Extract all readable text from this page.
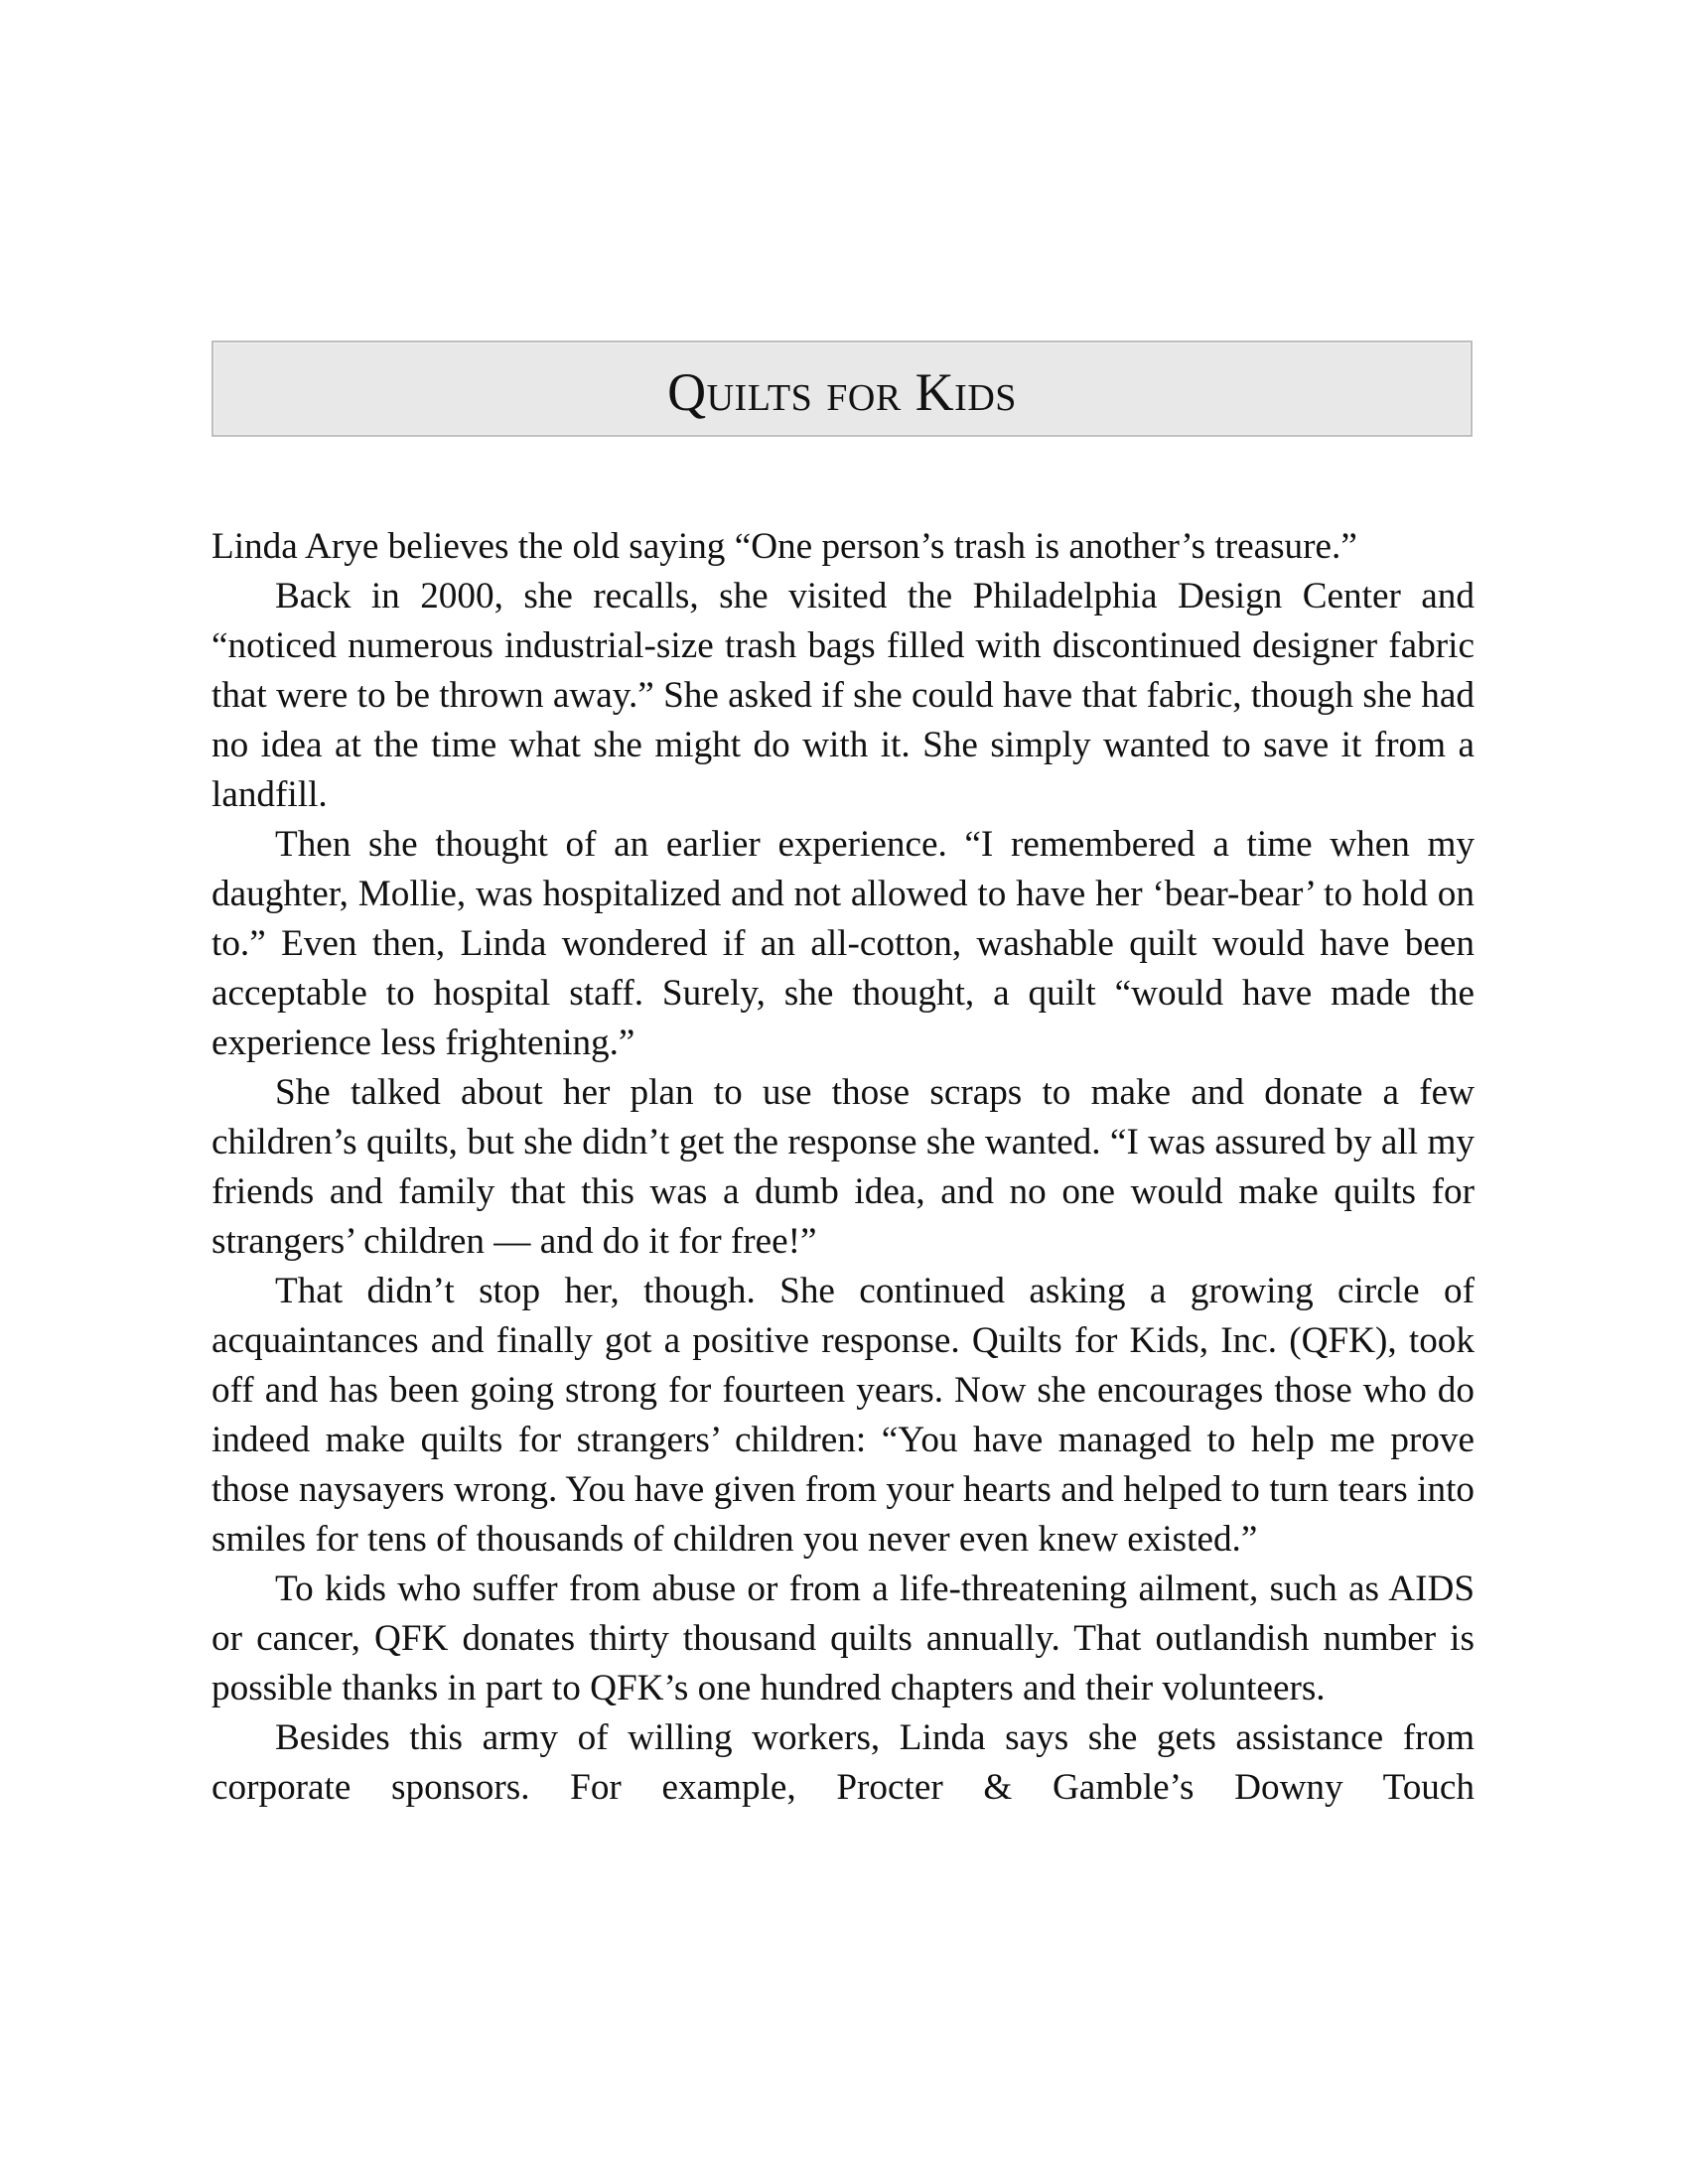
Quilts for Kids

Linda Arye believes the old saying “One person’s trash is another’s treasure.”

Back in 2000, she recalls, she visited the Philadelphia Design Center and “noticed numerous industrial-size trash bags filled with discontinued designer fabric that were to be thrown away.” She asked if she could have that fabric, though she had no idea at the time what she might do with it. She simply wanted to save it from a landfill.

Then she thought of an earlier experience. “I remembered a time when my daughter, Mollie, was hospitalized and not allowed to have her ‘bear-bear’ to hold on to.” Even then, Linda wondered if an all-cotton, washable quilt would have been acceptable to hospital staff. Surely, she thought, a quilt “would have made the experience less frightening.”

She talked about her plan to use those scraps to make and donate a few children’s quilts, but she didn’t get the response she wanted. “I was assured by all my friends and family that this was a dumb idea, and no one would make quilts for strangers’ children — and do it for free!”

That didn’t stop her, though. She continued asking a growing circle of acquaintances and finally got a positive response. Quilts for Kids, Inc. (QFK), took off and has been going strong for fourteen years. Now she encourages those who do indeed make quilts for strangers’ children: “You have managed to help me prove those naysayers wrong. You have given from your hearts and helped to turn tears into smiles for tens of thousands of children you never even knew existed.”

To kids who suffer from abuse or from a life-threatening ailment, such as AIDS or cancer, QFK donates thirty thousand quilts annually. That outlandish number is possible thanks in part to QFK’s one hundred chapters and their volunteers.

Besides this army of willing workers, Linda says she gets assistance from corporate sponsors. For example, Procter & Gamble’s Downy Touch
